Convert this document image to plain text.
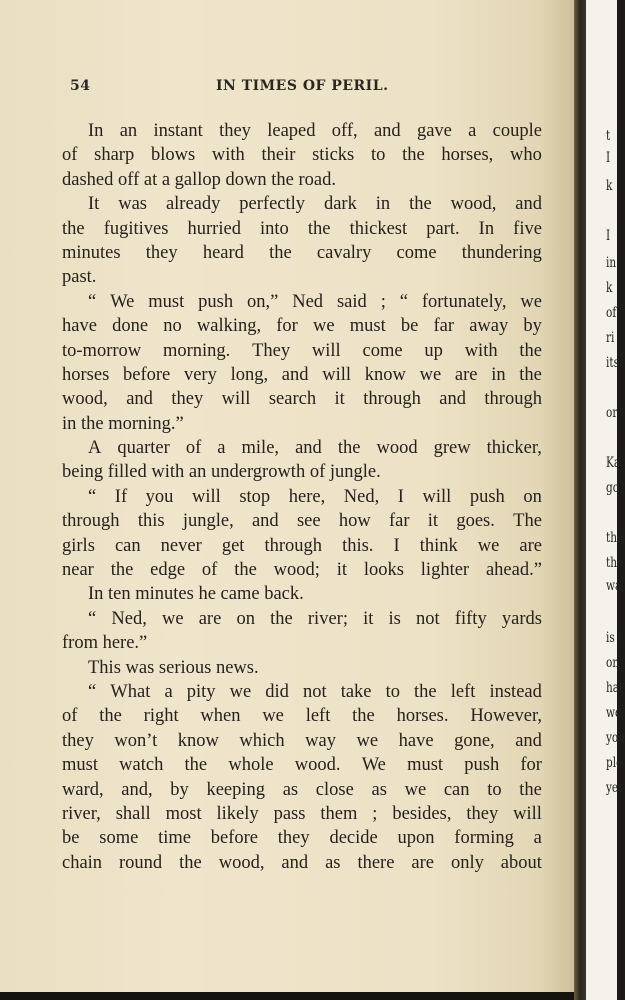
54	IN TIMES OF PERIL.
In an instant they leaped off, and gave a couple
of sharp blows with their sticks to the horses, who
dashed off at a gallop down the road.
It was already perfectly dark in the wood, and
the fugitives hurried into the thickest part. In five
minutes they heard the cavalry come thundering
past.
“ We must push on,” Ned said ; “ fortunately, we
have done no walking, for we must be far away by
to-morrow morning. They will come up with the
horses before very long, and will know we are in the
wood, and they will search it through and through
in the morning.”
A quarter of a mile, and the wood grew thicker,
being filled with an undergrowth of jungle.
“ If you will stop here, Ned, I will push on
through this jungle, and see how far it goes. The
girls can never get through this. I think we are
near the edge of the wood; it looks lighter ahead.”
In ten minutes he came back.
“ Ned, we are on the river; it is not fifty yards
from here.”
This was serious news.
“ What a pity we did not take to the left instead
of the right when we left the horses. However,
they won’t know which way we have gone, and
must watch the whole wood. We must push for
ward, and, by keeping as close as we can to the
river, shall most likely pass them ; besides, they will
be some time before they decide upon forming a
chain round the wood, and as there are only about
t
I
k
I
in
k
of
ri
its
or
Ka
go
the
the
wa
is t
on
hat
wo
you
ple
yet
